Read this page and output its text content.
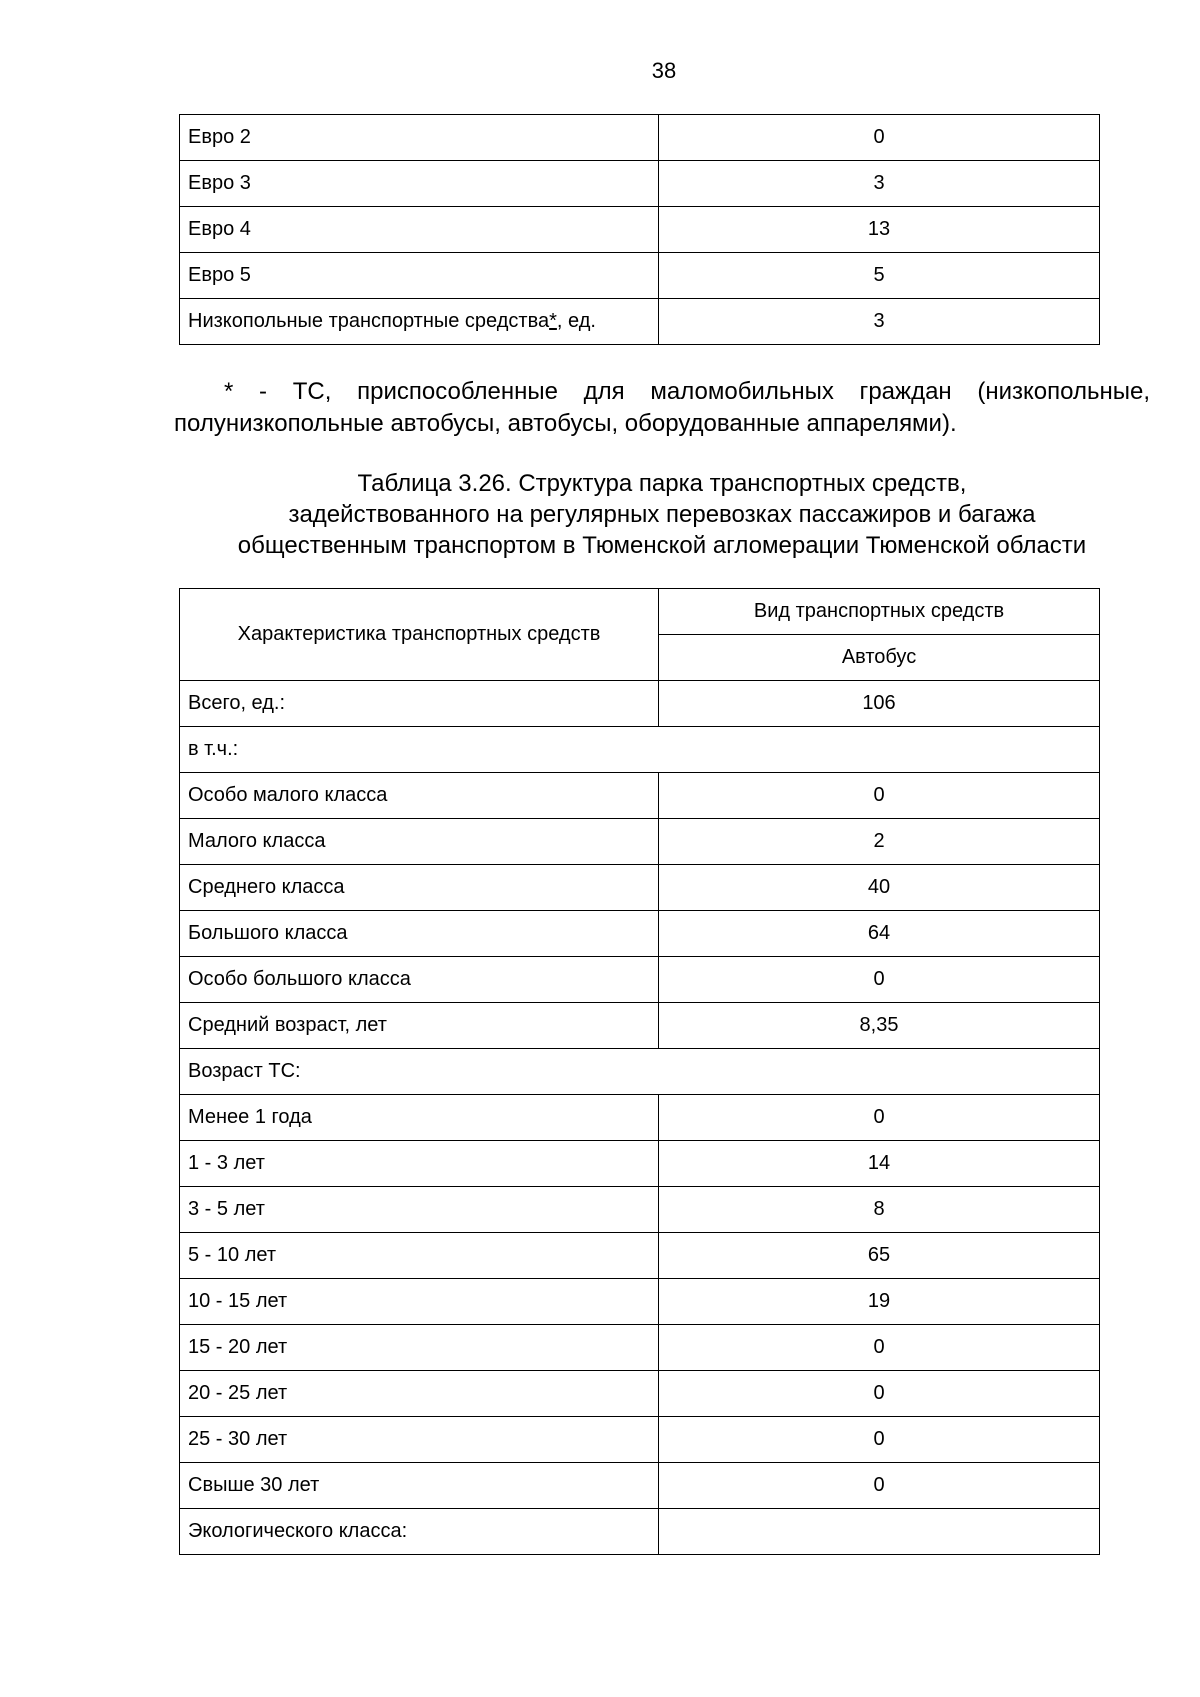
38
Евро 2	0
Евро 3	3
Евро 4	13
Евро 5	5
Низкопольные транспортные средства*, ед.	3

* - ТС, приспособленные для маломобильных граждан (низкопольные, полунизкопольные автобусы, автобусы, оборудованные аппарелями).

Таблица 3.26. Структура парка транспортных средств,
задействованного на регулярных перевозках пассажиров и багажа
общественным транспортом в Тюменской агломерации Тюменской области
Характеристика транспортных средств	Вид транспортных средств
	Автобус
Всего, ед.:	106
в т.ч.:	
Особо малого класса	0
Малого класса	2
Среднего класса	40
Большого класса	64
Особо большого класса	0
Средний возраст, лет	8,35
Возраст ТС:	
Менее 1 года	0
1 - 3 лет	14
3 - 5 лет	8
5 - 10 лет	65
10 - 15 лет	19
15 - 20 лет	0
20 - 25 лет	0
25 - 30 лет	0
Свыше 30 лет	0
Экологического класса:	
